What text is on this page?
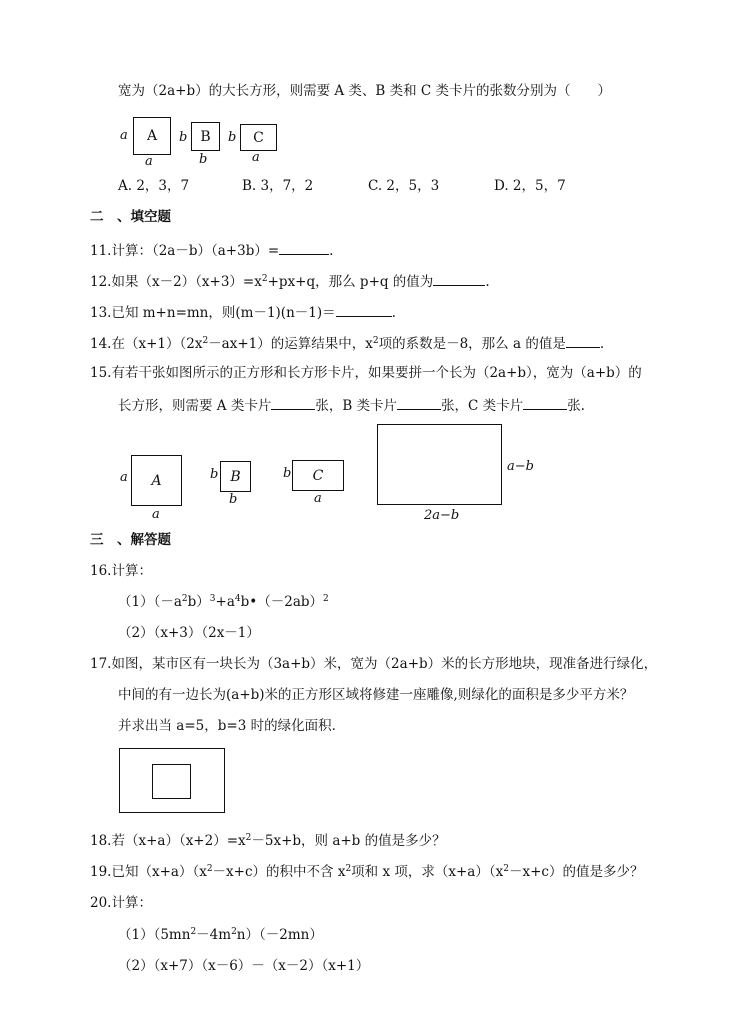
宽为（2a+b）的大长方形，则需要 A 类、B 类和 C 类卡片的张数分别为（　　）
a A
a
b B
b
b C
a
A. 2，3，7	B. 3，7，2	C. 2，5，3	D. 2，5，7
二　、填空题
11.计算：（2a－b）（a+3b）=	.
12.如果$(x-2)(x+3)=x^2+px+q$，那么 p+q 的值为	.
13.已知 m+n=mn，则(m－1)(n－1)＝	.
14.在$(x+1)(2x^2-ax+1)$的运算结果中，$x^2$项的系数是－8，那么 a 的值是	.
15.有若干张如图所示的正方形和长方形卡片，如果要拼一个长为（2a+b），宽为（a+b）的
长方形，则需要 A 类卡片	张，B 类卡片	张，C 类卡片	张.
a A
a
b B
b
b C
a
a−b
2a−b
三　、解答题
16.计算：
$(1)(-a^2b)^3+a^4b•(-2ab)^2$
（2）（x+3）（2x－1）
17.如图，某市区有一块长为（3a+b）米，宽为（2a+b）米的长方形地块，现准备进行绿化，
中间的有一边长为(a+b)米的正方形区域将修建一座雕像,则绿化的面积是多少平方米？
并求出当 a=5，b=3 时的绿化面积．
18.若$(x+a)(x+2)=x^2-5x+b$，则 a+b 的值是多少？
19.已知$(x+a)(x^2-x+c)$的积中不含 $x^2$项和 x 项，求$(x+a)(x^2-x+c)$的值是多少？
20.计算：
$(1)(5mn^2-4m^2n)(-2mn)$
（2）（x+7）（x－6）－（x－2）（x+1）
